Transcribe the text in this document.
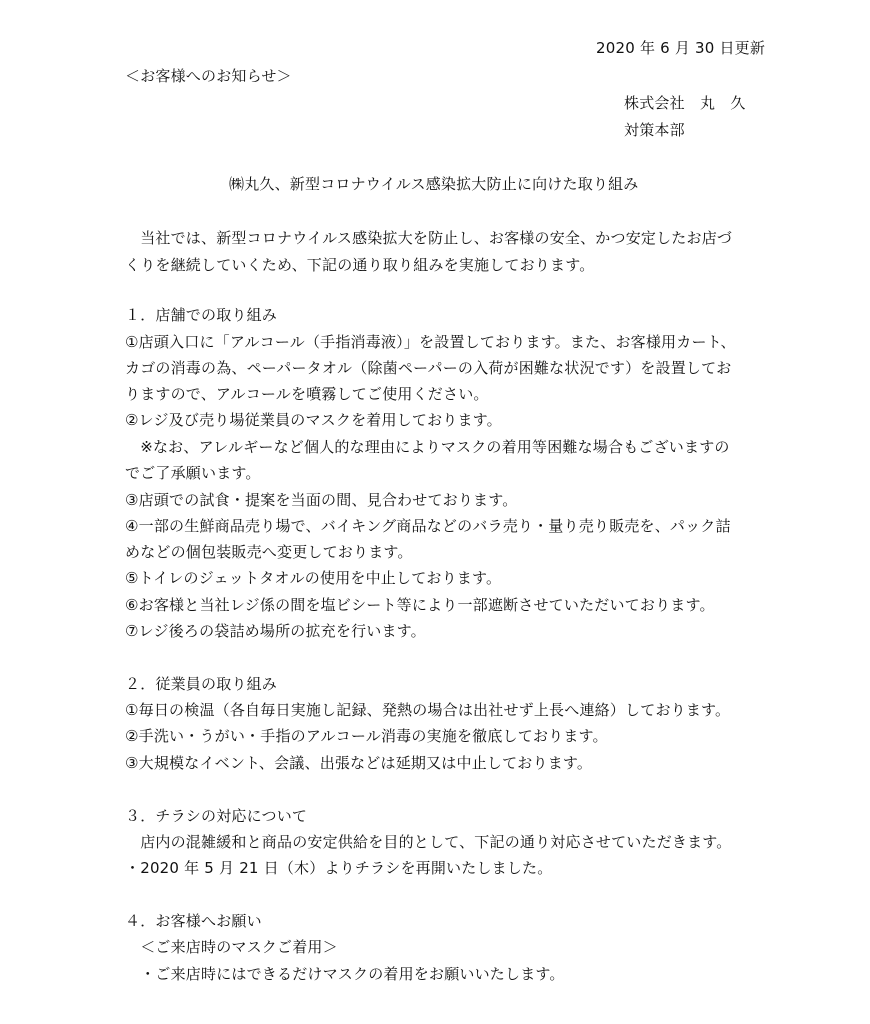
2020 年 6 月 30 日更新
＜お客様へのお知らせ＞
株式会社　丸　久
対策本部
㈱丸久、新型コロナウイルス感染拡大防止に向けた取り組み
　当社では、新型コロナウイルス感染拡大を防止し、お客様の安全、かつ安定したお店づ
くりを継続していくため、下記の通り取り組みを実施しております。
１．店舗での取り組み
①店頭入口に「アルコール（手指消毒液）」を設置しております。また、お客様用カート、
カゴの消毒の為、ペーパータオル（除菌ペーパーの入荷が困難な状況です）を設置してお
りますので、アルコールを噴霧してご使用ください。
②レジ及び売り場従業員のマスクを着用しております。
　※なお、アレルギーなど個人的な理由によりマスクの着用等困難な場合もございますの
でご了承願います。
③店頭での試食・提案を当面の間、見合わせております。
④一部の生鮮商品売り場で、バイキング商品などのバラ売り・量り売り販売を、パック詰
めなどの個包装販売へ変更しております。
⑤トイレのジェットタオルの使用を中止しております。
⑥お客様と当社レジ係の間を塩ビシート等により一部遮断させていただいております。
⑦レジ後ろの袋詰め場所の拡充を行います。
２．従業員の取り組み
①毎日の検温（各自毎日実施し記録、発熱の場合は出社せず上長へ連絡）しております。
②手洗い・うがい・手指のアルコール消毒の実施を徹底しております。
③大規模なイベント、会議、出張などは延期又は中止しております。
３．チラシの対応について
　店内の混雑緩和と商品の安定供給を目的として、下記の通り対応させていただきます。
・2020 年 5 月 21 日（木）よりチラシを再開いたしました。
４．お客様へお願い
　＜ご来店時のマスクご着用＞
　・ご来店時にはできるだけマスクの着用をお願いいたします。
